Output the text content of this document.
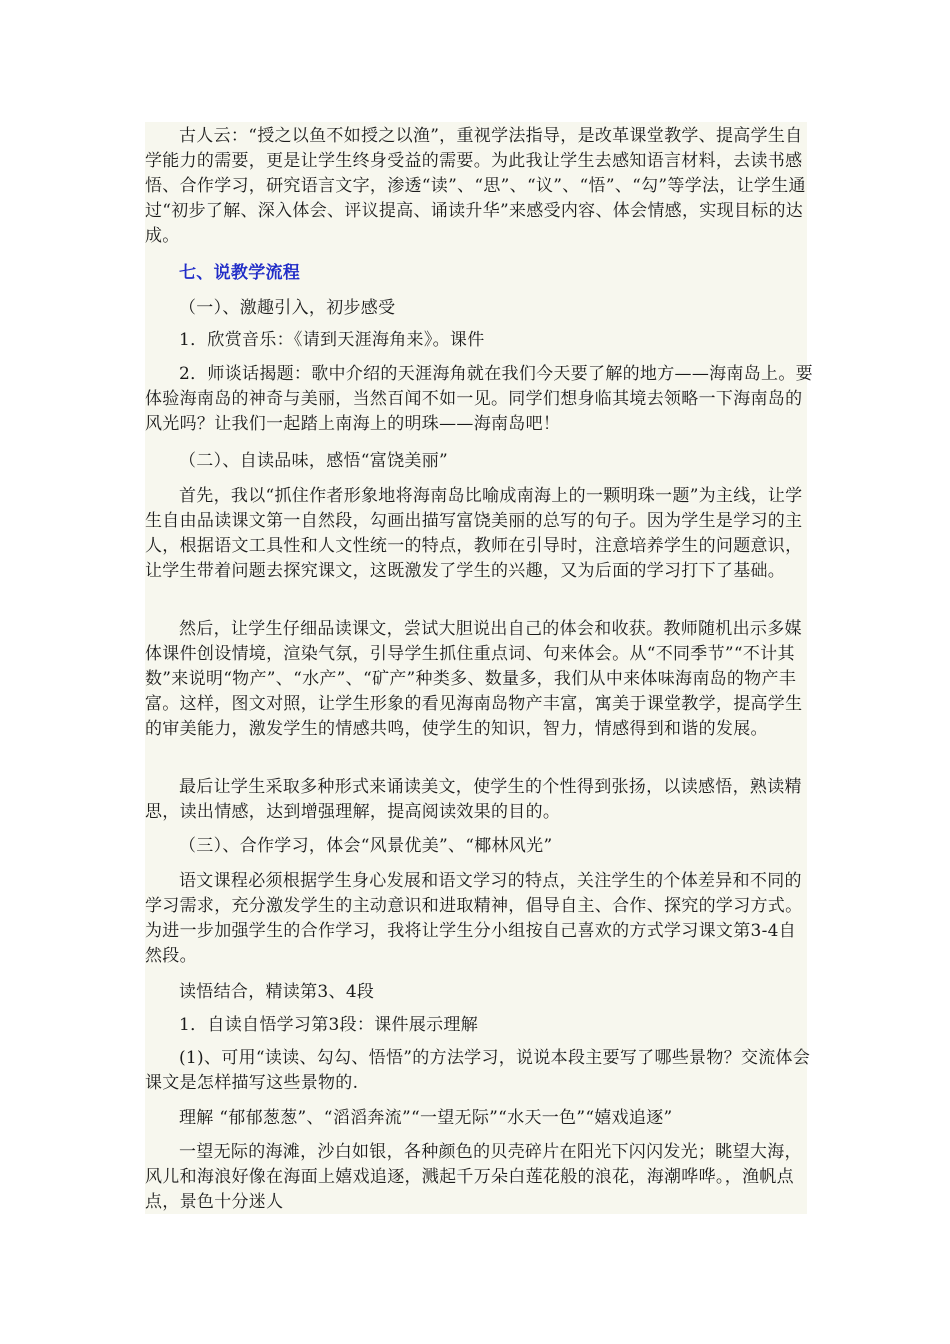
古人云：“授之以鱼不如授之以渔”，重视学法指导，是改革课堂教学、提高学生自学能力的需要，更是让学生终身受益的需要。为此我让学生去感知语言材料，去读书感悟、合作学习，研究语言文字，渗透“读”、“思”、“议”、“悟”、“勾”等学法，让学生通过“初步了解、深入体会、评议提高、诵读升华”来感受内容、体会情感，实现目标的达成。

七、说教学流程

（一）、激趣引入，初步感受

1．欣赏音乐：《请到天涯海角来》。课件

2．师谈话揭题：歌中介绍的天涯海角就在我们今天要了解的地方——海南岛上。要体验海南岛的神奇与美丽，当然百闻不如一见。同学们想身临其境去领略一下海南岛的风光吗？让我们一起踏上南海上的明珠——海南岛吧！

（二）、自读品味，感悟“富饶美丽”

首先，我以“抓住作者形象地将海南岛比喻成南海上的一颗明珠一题”为主线，让学生自由品读课文第一自然段，勾画出描写富饶美丽的总写的句子。因为学生是学习的主人，根据语文工具性和人文性统一的特点，教师在引导时，注意培养学生的问题意识，让学生带着问题去探究课文，这既激发了学生的兴趣，又为后面的学习打下了基础。

然后，让学生仔细品读课文，尝试大胆说出自己的体会和收获。教师随机出示多媒体课件创设情境，渲染气氛，引导学生抓住重点词、句来体会。从“不同季节”“不计其数”来说明“物产”、“水产”、“矿产”种类多、数量多，我们从中来体味海南岛的物产丰富。这样，图文对照，让学生形象的看见海南岛物产丰富，寓美于课堂教学，提高学生的审美能力，激发学生的情感共鸣，使学生的知识，智力，情感得到和谐的发展。

最后让学生采取多种形式来诵读美文，使学生的个性得到张扬，以读感悟，熟读精思，读出情感，达到增强理解，提高阅读效果的目的。

（三）、合作学习，体会“风景优美”、“椰林风光”

语文课程必须根据学生身心发展和语文学习的特点，关注学生的个体差异和不同的学习需求，充分激发学生的主动意识和进取精神，倡导自主、合作、探究的学习方式。为进一步加强学生的合作学习，我将让学生分小组按自己喜欢的方式学习课文第3-4自然段。

读悟结合，精读第3、4段

1．自读自悟学习第3段：课件展示理解

(1)、可用“读读、勾勾、悟悟”的方法学习，说说本段主要写了哪些景物？交流体会课文是怎样描写这些景物的.

理解 “郁郁葱葱”、“滔滔奔流”“一望无际”“水天一色”“嬉戏追逐”

一望无际的海滩，沙白如银，各种颜色的贝壳碎片在阳光下闪闪发光；眺望大海，风儿和海浪好像在海面上嬉戏追逐，溅起千万朵白莲花般的浪花，海潮哗哗。，渔帆点点，景色十分迷人
